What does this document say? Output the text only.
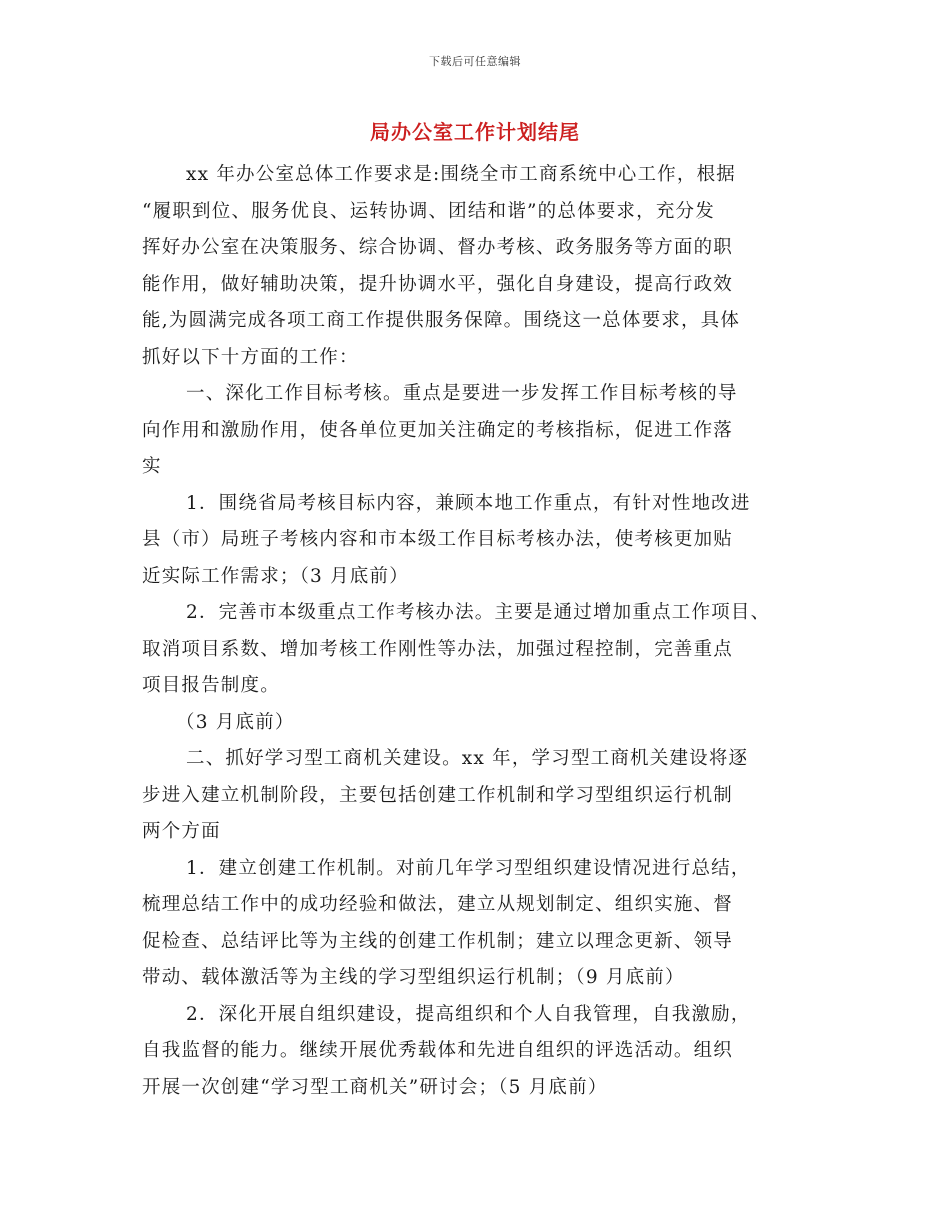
下载后可任意编辑
局办公室工作计划结尾
xx 年办公室总体工作要求是:围绕全市工商系统中心工作，根据
“履职到位、服务优良、运转协调、团结和谐”的总体要求，充分发
挥好办公室在决策服务、综合协调、督办考核、政务服务等方面的职
能作用，做好辅助决策，提升协调水平，强化自身建设，提高行政效
能,为圆满完成各项工商工作提供服务保障。围绕这一总体要求，具体
抓好以下十方面的工作：
一、深化工作目标考核。重点是要进一步发挥工作目标考核的导
向作用和激励作用，使各单位更加关注确定的考核指标，促进工作落
实
1．围绕省局考核目标内容，兼顾本地工作重点，有针对性地改进
县（市）局班子考核内容和市本级工作目标考核办法，使考核更加贴
近实际工作需求；（3 月底前）
2．完善市本级重点工作考核办法。主要是通过增加重点工作项目、
取消项目系数、增加考核工作刚性等办法，加强过程控制，完善重点
项目报告制度。
（3 月底前）
二、抓好学习型工商机关建设。xx 年，学习型工商机关建设将逐
步进入建立机制阶段，主要包括创建工作机制和学习型组织运行机制
两个方面
1．建立创建工作机制。对前几年学习型组织建设情况进行总结，
梳理总结工作中的成功经验和做法，建立从规划制定、组织实施、督
促检查、总结评比等为主线的创建工作机制；建立以理念更新、领导
带动、载体激活等为主线的学习型组织运行机制；（9 月底前）
2．深化开展自组织建设，提高组织和个人自我管理，自我激励，
自我监督的能力。继续开展优秀载体和先进自组织的评选活动。组织
开展一次创建“学习型工商机关”研讨会；（5 月底前）
